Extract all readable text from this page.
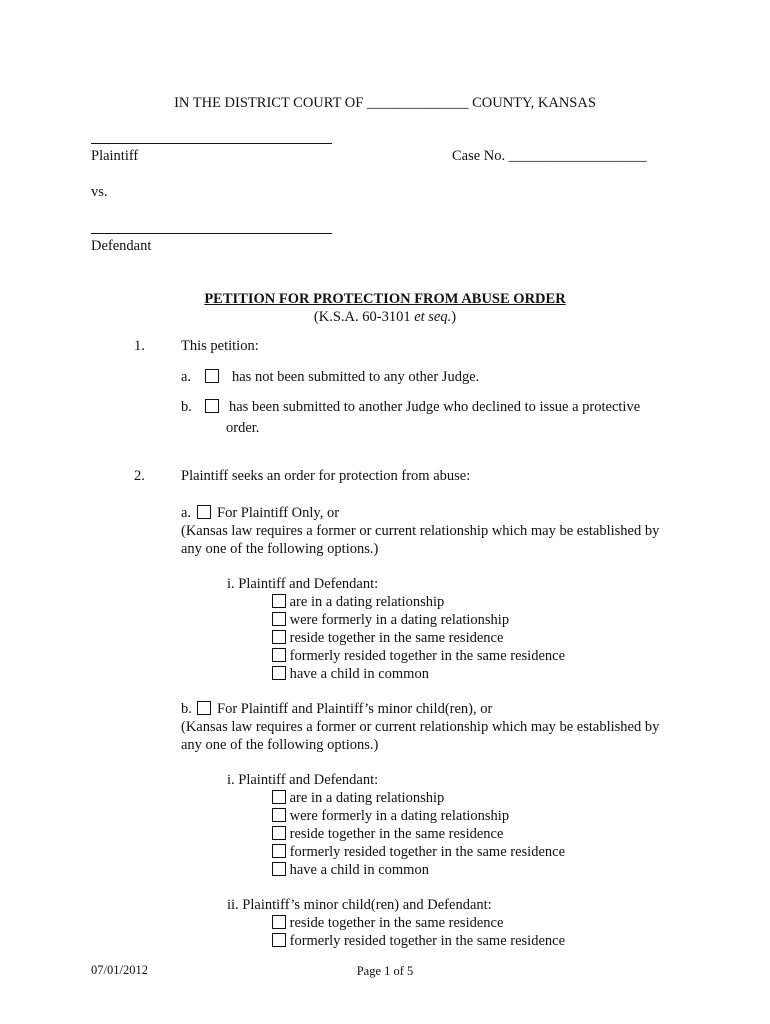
IN THE DISTRICT COURT OF ______________ COUNTY, KANSAS
Plaintiff	Case No. ___________________
vs.
Defendant
PETITION FOR PROTECTION FROM ABUSE ORDER
(K.S.A. 60-3101 et seq.)
1. This petition:
a.	has not been submitted to any other Judge.
b.	has been submitted to another Judge who declined to issue a protective
order.
2. Plaintiff seeks an order for protection from abuse:
a. For Plaintiff Only, or
(Kansas law requires a former or current relationship which may be established by
any one of the following options.)
i. Plaintiff and Defendant:
are in a dating relationship
were formerly in a dating relationship
reside together in the same residence
formerly resided together in the same residence
have a child in common
b. For Plaintiff and Plaintiff’s minor child(ren), or
(Kansas law requires a former or current relationship which may be established by
any one of the following options.)
i. Plaintiff and Defendant:
are in a dating relationship
were formerly in a dating relationship
reside together in the same residence
formerly resided together in the same residence
have a child in common
ii. Plaintiff’s minor child(ren) and Defendant:
reside together in the same residence
formerly resided together in the same residence
07/01/2012	Page 1 of 5
